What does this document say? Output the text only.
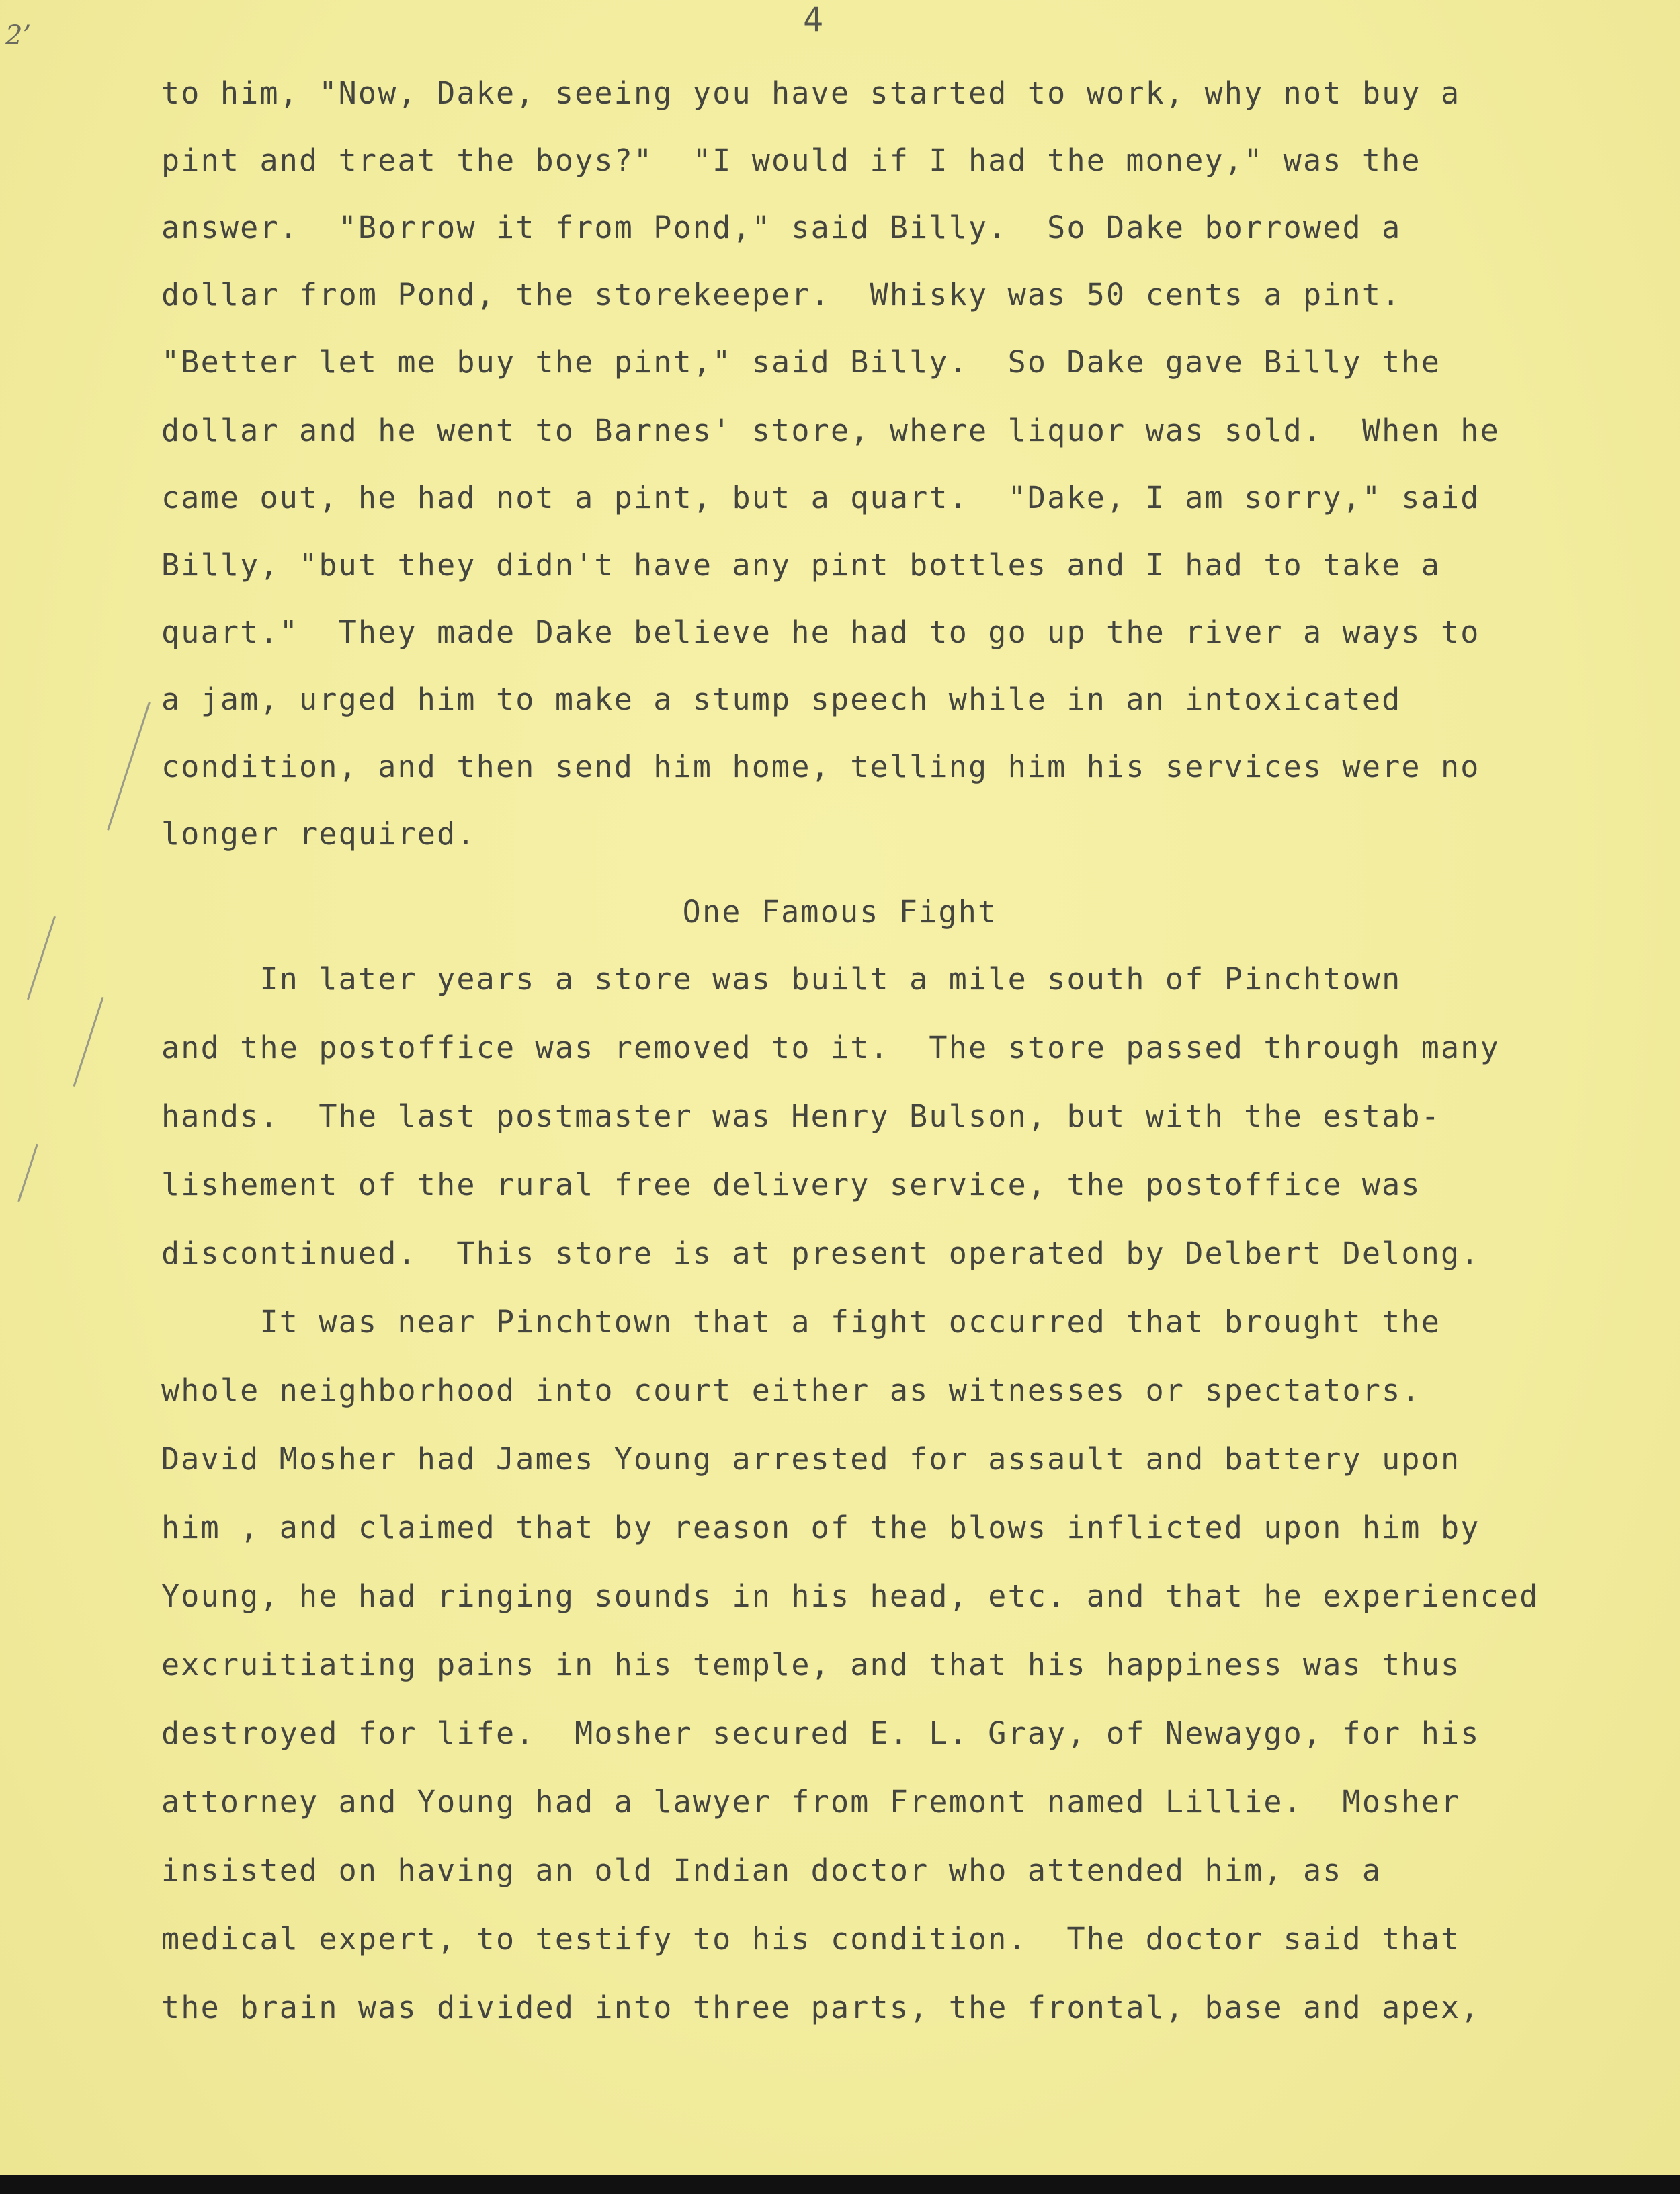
2’	4
to him, "Now, Dake, seeing you have started to work, why not buy a
pint and treat the boys?"  "I would if I had the money," was the
answer.  "Borrow it from Pond," said Billy.  So Dake borrowed a
dollar from Pond, the storekeeper.  Whisky was 50 cents a pint.
"Better let me buy the pint," said Billy.  So Dake gave Billy the
dollar and he went to Barnes' store, where liquor was sold.  When he
came out, he had not a pint, but a quart.  "Dake, I am sorry," said
Billy, "but they didn't have any pint bottles and I had to take a
quart."  They made Dake believe he had to go up the river a ways to
a jam, urged him to make a stump speech while in an intoxicated
condition, and then send him home, telling him his services were no
longer required.
One Famous Fight
In later years a store was built a mile south of Pinchtown
and the postoffice was removed to it.  The store passed through many
hands.  The last postmaster was Henry Bulson, but with the estab-
lishement of the rural free delivery service, the postoffice was
discontinued.  This store is at present operated by Delbert Delong.
It was near Pinchtown that a fight occurred that brought the
whole neighborhood into court either as witnesses or spectators.
David Mosher had James Young arrested for assault and battery upon
him , and claimed that by reason of the blows inflicted upon him by
Young, he had ringing sounds in his head, etc. and that he experienced
excruitiating pains in his temple, and that his happiness was thus
destroyed for life.  Mosher secured E. L. Gray, of Newaygo, for his
attorney and Young had a lawyer from Fremont named Lillie.  Mosher
insisted on having an old Indian doctor who attended him, as a
medical expert, to testify to his condition.  The doctor said that
the brain was divided into three parts, the frontal, base and apex,
